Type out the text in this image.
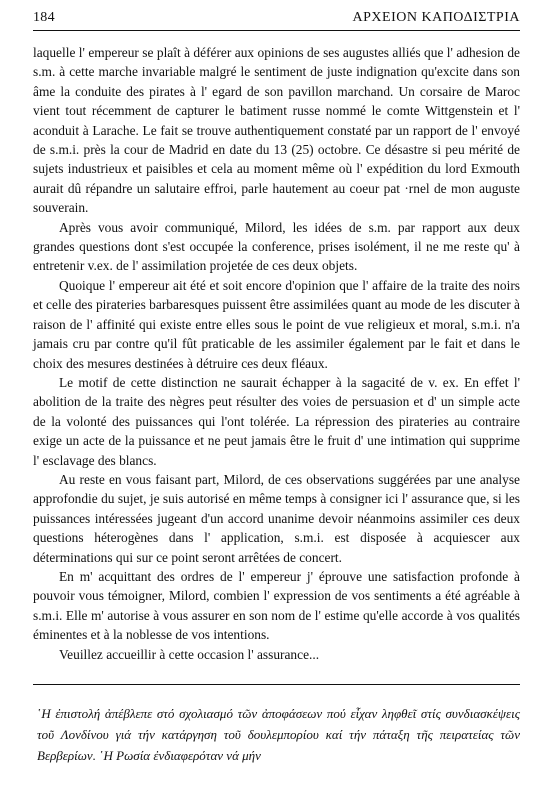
184	ΑΡΧΕΙΟΝ ΚΑΠΟΔΙΣΤΡΙΑ

laquelle l' empereur se plaît à déférer aux opinions de ses augustes alliés que l' adhesion de s.m. à cette marche invariable malgré le sentiment de juste indignation qu'excite dans son âme la conduite des pirates à l' egard de son pavillon marchand. Un corsaire de Maroc vient tout récemment de capturer le batiment russe nommé le comte Wittgenstein et l' aconduit à Larache. Le fait se trouve authentiquement constaté par un rapport de l' envoyé de s.m.i. près la cour de Madrid en date du 13 (25) octobre. Ce désastre si peu mérité de sujets industrieux et paisibles et cela au moment même où l' expédition du lord Exmouth aurait dû répandre un salutaire effroi, parle hautement au coeur pat ·rnel de mon auguste souverain.

Après vous avoir communiqué, Milord, les idées de s.m. par rapport aux deux grandes questions dont s'est occupée la conference, prises isolément, il ne me reste qu' à entretenir v.ex. de l' assimilation projetée de ces deux objets.

Quoique l' empereur ait été et soit encore d'opinion que l' affaire de la traite des noirs et celle des pirateries barbaresques puissent être assimilées quant au mode de les discuter à raison de l' affinité qui existe entre elles sous le point de vue religieux et moral, s.m.i. n'a jamais cru par contre qu'il fût praticable de les assimiler également par le fait et dans le choix des mesures destinées à détruire ces deux fléaux.

Le motif de cette distinction ne saurait échapper à la sagacité de v. ex. En effet l' abolition de la traite des nègres peut résulter des voies de persuasion et d' un simple acte de la volonté des puissances qui l'ont tolérée. La répression des pirateries au contraire exige un acte de la puissance et ne peut jamais être le fruit d' une intimation qui supprime l' esclavage des blancs.

Au reste en vous faisant part, Milord, de ces observations suggérées par une analyse approfondie du sujet, je suis autorisé en même temps à consigner ici l' assurance que, si les puissances intéressées jugeant d'un accord unanime devoir néanmoins assimiler ces deux questions héterogènes dans l' application, s.m.i. est disposée à acquiescer aux déterminations qui sur ce point seront arrêtées de concert.

En m' acquittant des ordres de l' empereur j' éprouve une satisfaction profonde à pouvoir vous témoigner, Milord, combien l' expression de vos sentiments a été agréable à s.m.i. Elle m' autorise à vous assurer en son nom de l' estime qu'elle accorde à vos qualités éminentes et à la noblesse de vos intentions.

Veuillez accueillir à cette occasion l' assurance...

῾Η ἐπιστολή ἀπέβλεπε στό σχολιασμό τῶν ἀποφάσεων πού εἶχαν ληφθεῖ στίς συνδιασκέψεις τοῦ Λονδίνου γιά τήν κατάργηση τοῦ δουλεμπορίου καί τήν πάταξη τῆς πειρατείας τῶν Βερβερίων. ῾Η Ρωσία ἐνδιαφερόταν νά μήν
